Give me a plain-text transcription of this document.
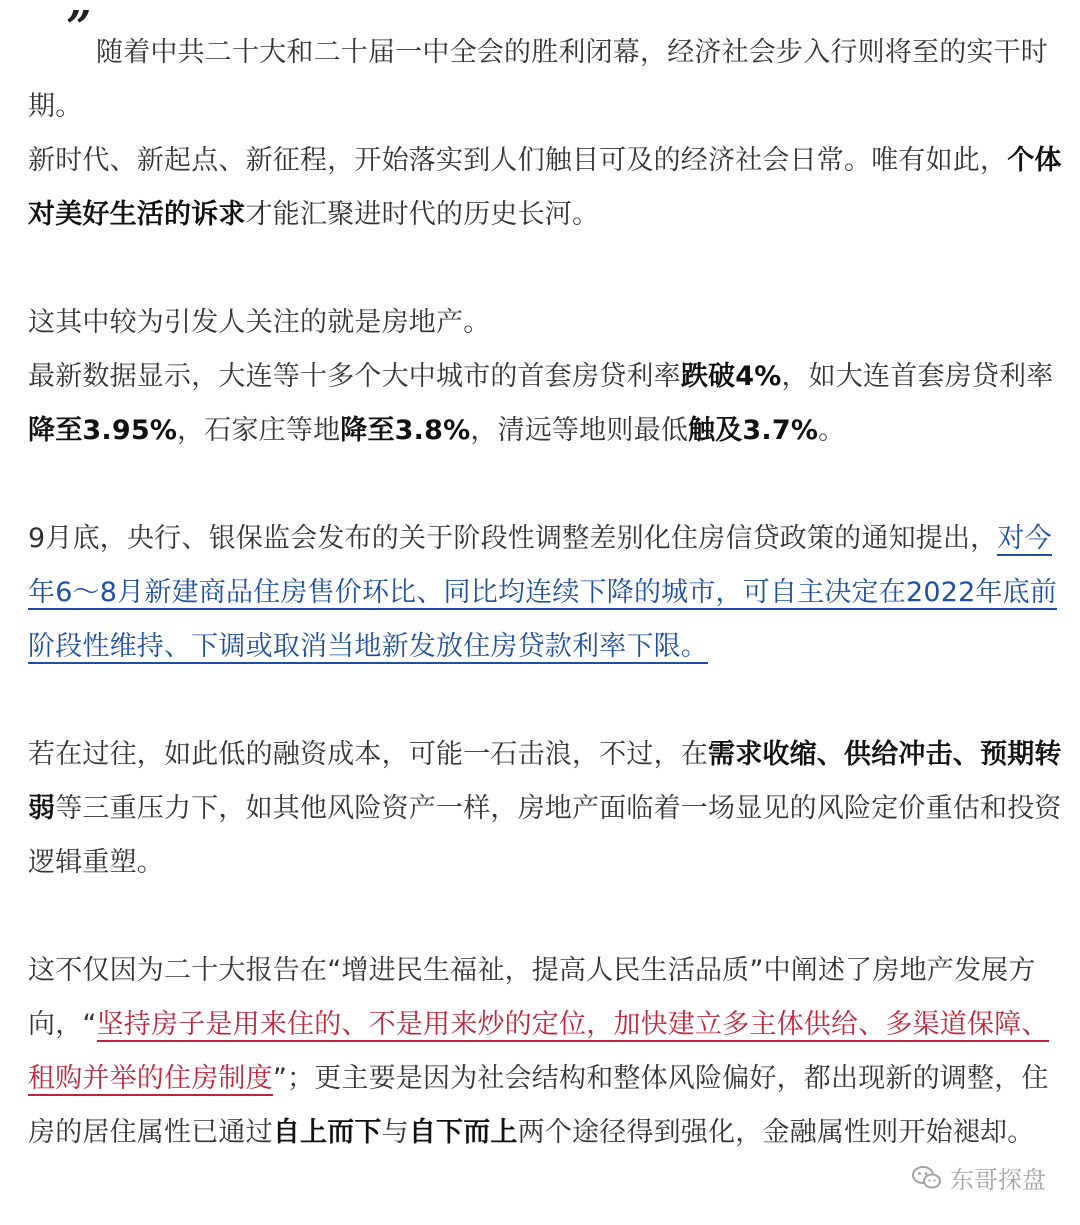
” 随着中共二十大和二十届一中全会的胜利闭幕，经济社会步入行则将至的实干时期。

新时代、新起点、新征程，开始落实到人们触目可及的经济社会日常。唯有如此，个体对美好生活的诉求才能汇聚进时代的历史长河。

这其中较为引发人关注的就是房地产。

最新数据显示，大连等十多个大中城市的首套房贷利率跌破4%，如大连首套房贷利率降至3.95%，石家庄等地降至3.8%，清远等地则最低触及3.7%。

9月底，央行、银保监会发布的关于阶段性调整差别化住房信贷政策的通知提出，对今年6～8月新建商品住房售价环比、同比均连续下降的城市，可自主决定在2022年底前阶段性维持、下调或取消当地新发放住房贷款利率下限。

若在过往，如此低的融资成本，可能一石击浪，不过，在需求收缩、供给冲击、预期转弱等三重压力下，如其他风险资产一样，房地产面临着一场显见的风险定价重估和投资逻辑重塑。

这不仅因为二十大报告在“增进民生福祉，提高人民生活品质”中阐述了房地产发展方向，“坚持房子是用来住的、不是用来炒的定位，加快建立多主体供给、多渠道保障、租购并举的住房制度”；更主要是因为社会结构和整体风险偏好，都出现新的调整，住房的居住属性已通过自上而下与自下而上两个途径得到强化，金融属性则开始褪却。

东哥探盘
